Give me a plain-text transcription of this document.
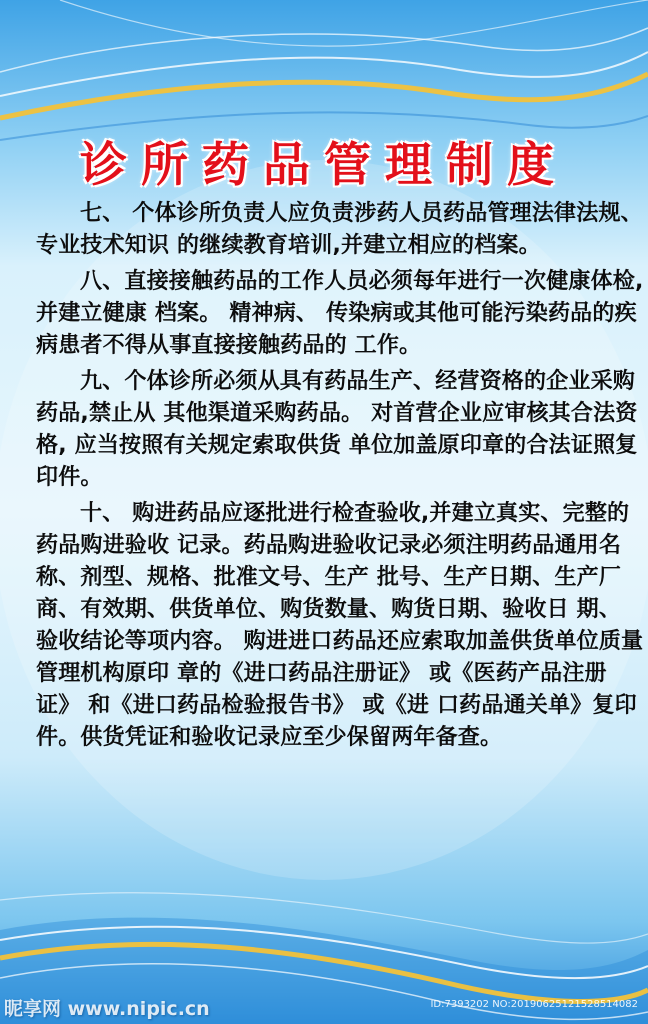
诊所药品管理制度

七、 个体诊所负责人应负责涉药人员药品管理法律法规、 专业技术知识 的继续教育培训,并建立相应的档案。

八、直接接触药品的工作人员必须每年进行一次健康体检,并建立健康 档案。 精神病、 传染病或其他可能污染药品的疾病患者不得从事直接接触药品的 工作。

九、个体诊所必须从具有药品生产、经营资格的企业采购药品,禁止从 其他渠道采购药品。 对首营企业应审核其合法资格, 应当按照有关规定索取供货 单位加盖原印章的合法证照复印件。

十、 购进药品应逐批进行检查验收,并建立真实、完整的药品购进验收 记录。药品购进验收记录必须注明药品通用名称、剂型、规格、批准文号、生产 批号、生产日期、生产厂商、有效期、供货单位、购货数量、购货日期、验收日 期、 验收结论等项内容。 购进进口药品还应索取加盖供货单位质量管理机构原印 章的《进口药品注册证》 或《医药产品注册证》 和《进口药品检验报告书》 或《进 口药品通关单》复印件。供货凭证和验收记录应至少保留两年备查。

昵享网 www.nipic.cn	ID:7393202 NO:20190625121528514082
